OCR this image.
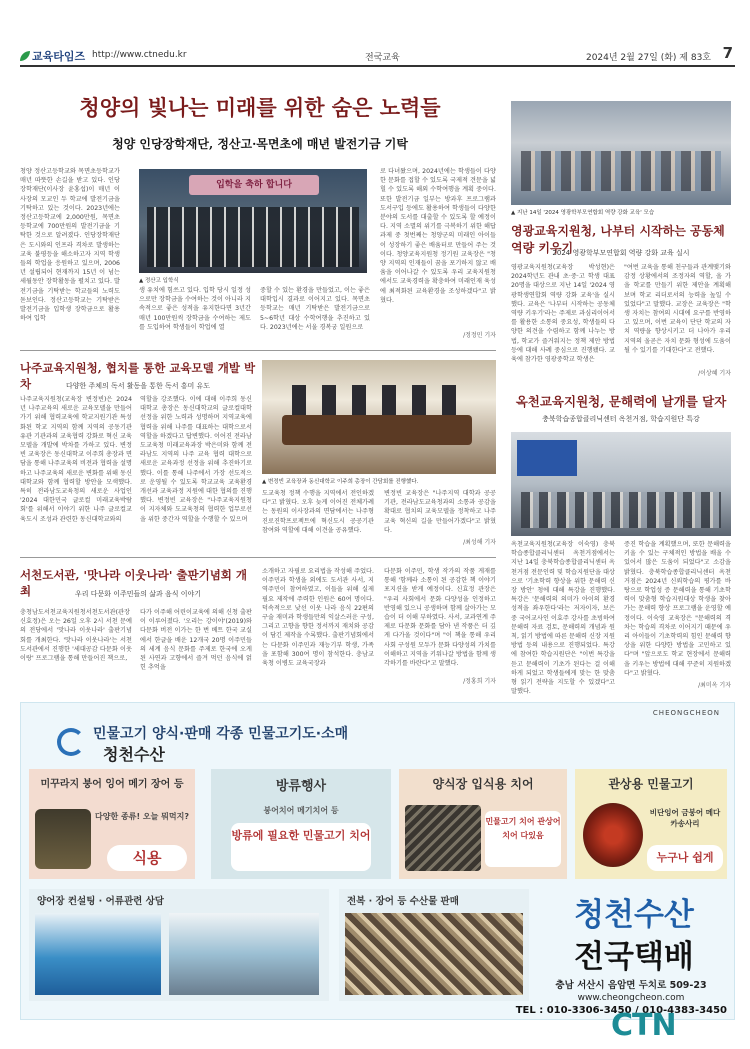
교육타임즈 http://www.ctnedu.kr	전국교육	2024년 2월 27일 (화) 제 83호 7
청양의 빛나는 미래를 위한 숨은 노력들
청양 인당장학재단, 정산고·목면초에 매년 발전기금 기탁
청양 정산고등학교와 목면초등학교가 매년 따뜻한 손길을 받고 있다. 인당장학재단(이사장 윤홍섭)이 매년 이사장의 모교인 두 학교에 발전기금을 기탁하고 있는 것이다. 2023년에는 정산고등학교에 2,000만원, 목면초등학교에 700만원의 발전기금을 기탁한 것으로 알려졌다. 인당장학재단은 도시와의 인프라 격차로 발생하는 교육 불평등을 해소하고자 지역 학생들의 학업을 응원하고 있으며, 2006년 설립되어 현재까지 15년 이 넘는 세월동안 장학활동을 펼치고 있다. 발전기금을 기탁받는 학교들의 노력도 돋보인다. 정산고등학교는 기탁받은 발전기금을 입학생 장학금으로 활용하여 입학
입학을 축하 합니다
▲ 정산고 입학식
생 유치에 힘쓰고 있다. 입학 당시 일정 성으로만 장학금을 수여하는 것이 아니라 지속적으로 좋은 성적을 유지한다면 3년간 매년 100만원씩 장학금을 수여하는 제도를 도입하여 학생들이 학업에 열
중할 수 있는 환경을 만들었고, 이는 좋은 대학입시 결과로 이어지고 있다. 목면초등학교는 매년 기탁받은 발전기금으로 5~6학년 대상 수학여행을 추진하고 있다. 2023년에는 서울 경복궁 일원으로
로 다녀왔으며, 2024년에는 학생들이 다양한 문화를 접할 수 있도록 국제적 견문을 넓힐 수 있도록 해외 수학여행을 계획 중이다. 또한 발전기금 일부는 방과후 프로그램과 도서구입 등에도 활용하여 학생들이 다양한 분야의 도서를 대출할 수 있도록 할 예정이다. 지역 소멸의 위기를 극복하기 위한 해답 과제 중 첫번째는 청양군의 미래인 아이들이 성장하기 좋은 배움터로 만들어 주는 것이다. 청양교육지원청 정기원 교육장은 "청양 지역의 인재들이 꿈을 포기하지 않고 배움을 이어나갈 수 있도록 우리 교육지원청에서도 교육경력을 확충하여 미래인재 육성에 최적화된 교육환경을 조성하겠다"고 밝혔다.
/정정민 기자
▲ 지난 14일 '2024 영광학부모연합회 역량 강화 교육' 모습
영광교육지원청, 나부터 시작하는 공동체 역량 키우기
2024 영광학부모연합회 역량 강화 교육 실시
영광교육지원청(교육장 박성현)은 2024학년도 관내 초·중·고 학생 대표 20명을 대상으로 지난 14일 '2024 영광학생연합회 역량 강화 교육'을 실시했다. 교육은 '나부터 시작하는 공동체 역량 키우기'라는 주제로 과심리이어서 를 활용한 소통의 중요성, 학생들의 다양한 의견을 수렴하고 함께 나누는 방법, 학교가 즐거워지는 정책 제안 방법 등에 대해 사례 중심으로 진행됐다. 교육에 참가한 영광중학교 학생은
"여번 교육을 통해 친구들과 관계맺기와 감정 상황에서의 조정자의 역할, 올 가을 학교를 만들기 위한 제안을 계획해 보며 학교 리더로서의 능력을 높일 수 있었다"고 말했다. 교장은 교육장은 "학생 자치는 참여의 시대에 요구를 반영하고 있으며, 이번 교육이 단단 학교의 자치 역량을 향상시키고 더 나아가 우리 지역의 올곧은 자치 문화 형성에 도움이 될 수 있기를 기대한다"고 전했다.
/이상혜 기자
나주교육지원청, 협치를 통한 교육모델 개발 박차	다양한 주체의 독서 활동을 통한 독서 흥미 유도
나주교육지원청(교육장 변정빈)은 2024년 나주교육의 새로운 교육모델을 만들어가기 위해 협력교육에 학교지원기관 특성화된 학교 지역의 함께 지역의 공동기관 유관 기관과의 교육협력 강화로 혁신 교육 모델을 개발에 박차를 가하고 있다. 변정빈 교육장은 동신대학교 이주희 총장과 면담을 통해 나주교육의 비전과 협력을 설명하고 나주교육의 새로운 변화를 위해 동신대학교와 함께 협력할 방안을 모색했다. 특히 전라남도교육청의 새로운 사업인 '2024 대한민국 글로컬 미래교육박람회'를 위해서 이야기 위한 나주 글로컬교육도시 조성과 관련한 동신대학교와의
역할을 강조했다. 이에 대해 이주희 동신대학교 총장은 동신대학교의 글로컬대학 선정을 위한 노력과 성명하며 지역교육에 협력을 위해 나주를 대표하는 대학으로서 역할을 하겠다고 답변했다. 이어진 전라남도교육청 미래교육과장 박은미와 함께 전라남도 지역의 나주 교육 협력 대학으로 새로운 교육과정 선정을 위해 추진하기로 했다. 이를 통해 나주에서 가장 선도적으로 운영될 수 있도록 학교교육 교육환경 개선과 교육과정 지원에 대한 협의를 진행했다. 변정빈 교육장은 "나주교육지원청이 지자체와 도교육청의 협력한 업무로선을 위한 중간자 역할을 수행할 수 있으며
▲ 변정빈 교육장과 동신대학교 이주희 총장이 간담회를 진행했다.
도교육청 정책 수행을 지역에서 전인하겠다"고 밝혔다. 오후 늦게 이어진 전체가례는 동원의 이사장과의 면담에서는 나주형 진로진학프로젝트에 혁신도시 공공기관 참여와 역할에 대해 이견을 공유했다.
변정빈 교육장은 "나주지역 대학과 공공기관, 전라남도교육청과의 소통과 공감을 확대로 협치의 교육모델을 정착하고 나주교육 혁신의 길을 만들어가겠다"고 밝혔다.
/최성해 기자
옥천교육지원청, 문해력에 날개를 달자
충북학습종합클리닉센터 옥천거점, 학습지원단 특강
옥천교육지원청(교육장 이숙영) 충북학습종합클리닉센터 옥천거점에서는 지난 14일 충북학습종합클리닉센터 옥천거점 전문인력 및 학습지원단을 대상으로 '기초학력 향상을 위한 문해력 신장 방안' 청에 대해 특강을 진행했다. 특강은 '문해력의 의미가 아이의 환경성적을 좌우한다'라는 저자이자, 보은중 국어교사인 이효주 강사를 초빙하여 문해력 자료 검토, 문해력의 개념과 원칙, 읽기 방법에 따른 문해력 신장 지원 방법 등의 내용으로 진행되었다. 특강에 참여한 학습지원단은 "이번 특강을 듣고 문해력이 기초가 된다는 걸 이해하게 되었고 학생들에게 맞는 한 맞춤형 읽기 전략을 지도할 수 있겠다"고 말했다.
증진 학습을 계획했으며, 또한 문해력을 키울 수 있는 구체적인 방법을 배울 수 있어서 많은 도움이 되었다"고 소감을 밝혔다. 충북학습종합클리닉센터 옥천거점은 2024년 신뢰학습의 평가를 바탕으로 학업성 증 문해력을 통해 기초학력이 맞춤형 학습지원대상 학생을 찾아가는 문해력 향상 프로그램을 운영할 예정이다. 이숙영 교육장은 "문해력의 격차는 학습의 격차로 이어지기 때문에 우리 아이들이 기초학력의 힘인 문해력 향상을 위한 다양한 방법을 고민하고 있다"며 "앞으로도 학교 현장에서 문해력을 키우는 방법에 대해 꾸준히 지원하겠다"고 밝혔다.
/최미옥 기자
서천도서관, '맛나라 이웃나라' 출판기념회 개최	우리 다문화 이주민들의 삶과 음식 이야기
충청남도서천교육지원청서천도서관(관장 신효정)은 오는 26일 오후 2시 서천 문예의 전당에서 '맛나라 이웃나라' 출판기념회를 개최한다. '맛나라 이웃나라'는 서천도서관에서 진행한 '세대공감 다문화 이웃이랑' 프로그램을 통해 만들어진 책으로,
다가 이주해 어린이교육에 의해 신청 출판이 이루어졌다. '오리는 강이야'(2019)와 다문화 버전 이가는 한 번 베트 한국 교실에서 한글을 배운 12개국 20명 이주민들의 세계 음식 문화를 주제로 한국에 오게 된 사연과 고향에서 즐겨 먹던 음식에 얽힌 추억을
소개하고 자필로 요리법을 작성해 주었다. 이주민과 학생을 외에도 도서관 사서, 지역주민이 참여하였고, 이들을 위해 실제 필요 제작에 주력한 인원은 60여 명이다. 덕속적으로 낮선 이웃 나라 음식 22편의 구술 재미과 학생들만의 익살스러운 구성, 그리고 고향을 향한 정서까지 재치와 공감 이 담긴 제작을 수록했다. 출판기념회에서는 다문화 이주민과 재능기부 학생, 가족을 포함해 300여 명이 참석한다. 충남교육청 이병도 교육국장과
다문화 이주민, 학생 작가의 작품 게재를 통해 '함께라 소통이 된 공감한 책 이야기 포지션을 받게 예정이다. 신효정 관장은 "우리 사회에서 문화 다양성을 인정하고 반영해 있으니 공생하며 함께 살아가는 모습이 더 이해 부하였다. 사서, 교과연계 주제로 다문화 문화를 담아 낸 작품은 더 깊게 다가올 것이다"며 "이 책을 통해 우리 사회 구성원 모두가 문화 다양성의 가치를 이해하고 지역을 키워나갈 방법을 함께 생각하기를 바란다"고 말했다.
/정홍희 기자
CHEONGCHEON
민물고기 양식·판매 각종 민물고기도·소매
청천수산
미꾸라지 붕어 잉어 메기 장어 등
다양한 종류! 오늘 뭐먹지?
식용
방류행사
붕어치어 메기치어 등
방류에 필요한 민물고기 치어
양식장 입식용 치어
민물고기 치어 관상어 치어 다있음
관상용 민물고기
비단잉어 금붕어 메다카송사리
누구나 쉽게
양어장 컨설팅 · 어류관련 상담	전복 · 장어 등 수산물 판매	청천수산
전국택배
충남 서산시 음암면 두치로 509-23
www.cheongcheon.com
TEL : 010-3306-3450 / 010-4383-3450
CTN
